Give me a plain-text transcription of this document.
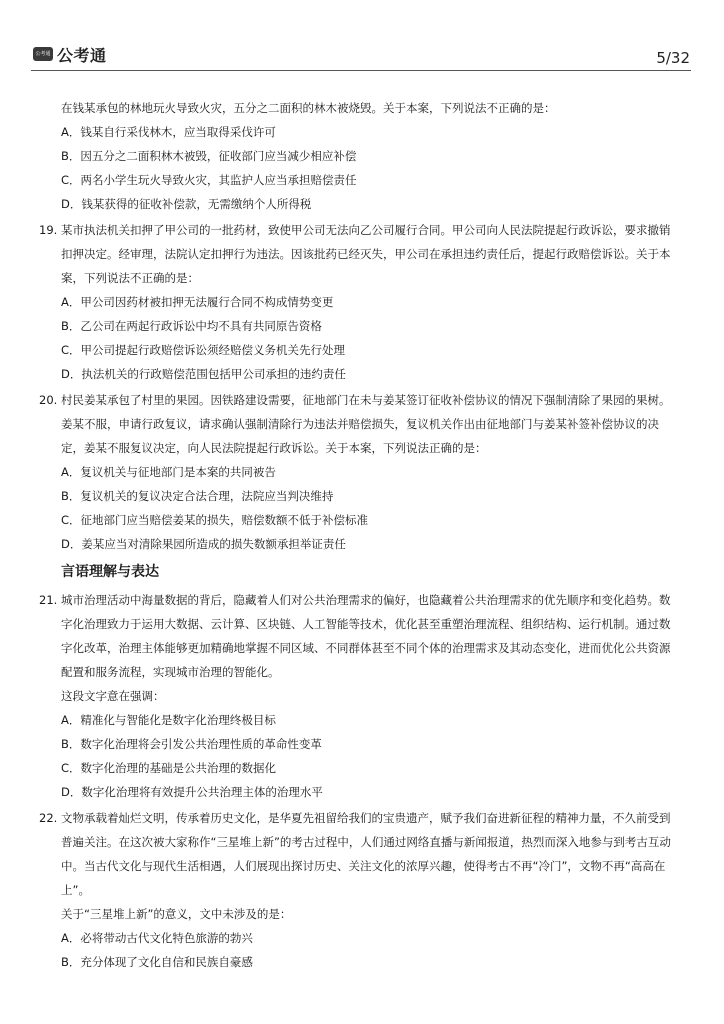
公考通 公考通	5/32
在钱某承包的林地玩火导致火灾，五分之二面积的林木被烧毁。关于本案，下列说法不正确的是：
A．钱某自行采伐林木，应当取得采伐许可
B．因五分之二面积林木被毁，征收部门应当减少相应补偿
C．两名小学生玩火导致火灾，其监护人应当承担赔偿责任
D．钱某获得的征收补偿款，无需缴纳个人所得税
19. 某市执法机关扣押了甲公司的一批药材，致使甲公司无法向乙公司履行合同。甲公司向人民法院提起行政诉讼，要求撤销
扣押决定。经审理，法院认定扣押行为违法。因该批药已经灭失，甲公司在承担违约责任后，提起行政赔偿诉讼。关于本
案，下列说法不正确的是：
A．甲公司因药材被扣押无法履行合同不构成情势变更
B．乙公司在两起行政诉讼中均不具有共同原告资格
C．甲公司提起行政赔偿诉讼须经赔偿义务机关先行处理
D．执法机关的行政赔偿范围包括甲公司承担的违约责任
20. 村民姜某承包了村里的果园。因铁路建设需要，征地部门在未与姜某签订征收补偿协议的情况下强制清除了果园的果树。
姜某不服，申请行政复议，请求确认强制清除行为违法并赔偿损失，复议机关作出由征地部门与姜某补签补偿协议的决
定，姜某不服复议决定，向人民法院提起行政诉讼。关于本案，下列说法正确的是：
A．复议机关与征地部门是本案的共同被告
B．复议机关的复议决定合法合理，法院应当判决维持
C．征地部门应当赔偿姜某的损失，赔偿数额不低于补偿标准
D．姜某应当对清除果园所造成的损失数额承担举证责任
言语理解与表达
21. 城市治理活动中海量数据的背后，隐藏着人们对公共治理需求的偏好，也隐藏着公共治理需求的优先顺序和变化趋势。数
字化治理致力于运用大数据、云计算、区块链、人工智能等技术，优化甚至重塑治理流程、组织结构、运行机制。通过数
字化改革，治理主体能够更加精确地掌握不同区域、不同群体甚至不同个体的治理需求及其动态变化，进而优化公共资源
配置和服务流程，实现城市治理的智能化。
这段文字意在强调：
A．精准化与智能化是数字化治理终极目标
B．数字化治理将会引发公共治理性质的革命性变革
C．数字化治理的基础是公共治理的数据化
D．数字化治理将有效提升公共治理主体的治理水平
22. 文物承载着灿烂文明，传承着历史文化，是华夏先祖留给我们的宝贵遗产，赋予我们奋进新征程的精神力量，不久前受到
普遍关注。在这次被大家称作“三星堆上新”的考古过程中，人们通过网络直播与新闻报道，热烈而深入地参与到考古互动
中。当古代文化与现代生活相遇，人们展现出探讨历史、关注文化的浓厚兴趣，使得考古不再“冷门”，文物不再“高高在
上”。
关于“三星堆上新”的意义，文中未涉及的是：
A．必将带动古代文化特色旅游的勃兴
B．充分体现了文化自信和民族自豪感
